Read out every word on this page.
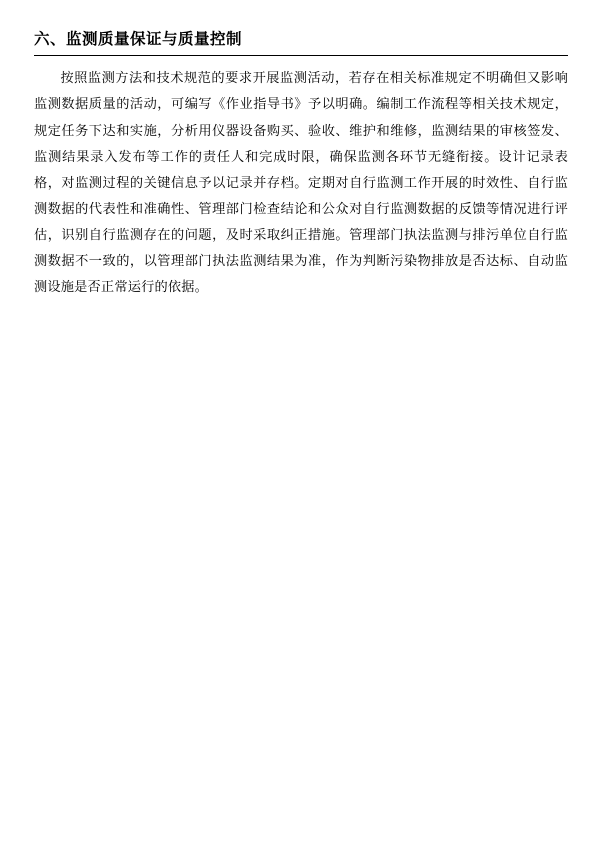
六、监测质量保证与质量控制

按照监测方法和技术规范的要求开展监测活动，若存在相关标准规定不明确但又影响监测数据质量的活动，可编写《作业指导书》予以明确。编制工作流程等相关技术规定，规定任务下达和实施，分析用仪器设备购买、验收、维护和维修，监测结果的审核签发、监测结果录入发布等工作的责任人和完成时限，确保监测各环节无缝衔接。设计记录表格，对监测过程的关键信息予以记录并存档。定期对自行监测工作开展的时效性、自行监测数据的代表性和准确性、管理部门检查结论和公众对自行监测数据的反馈等情况进行评估，识别自行监测存在的问题，及时采取纠正措施。管理部门执法监测与排污单位自行监测数据不一致的，以管理部门执法监测结果为准，作为判断污染物排放是否达标、自动监测设施是否正常运行的依据。
